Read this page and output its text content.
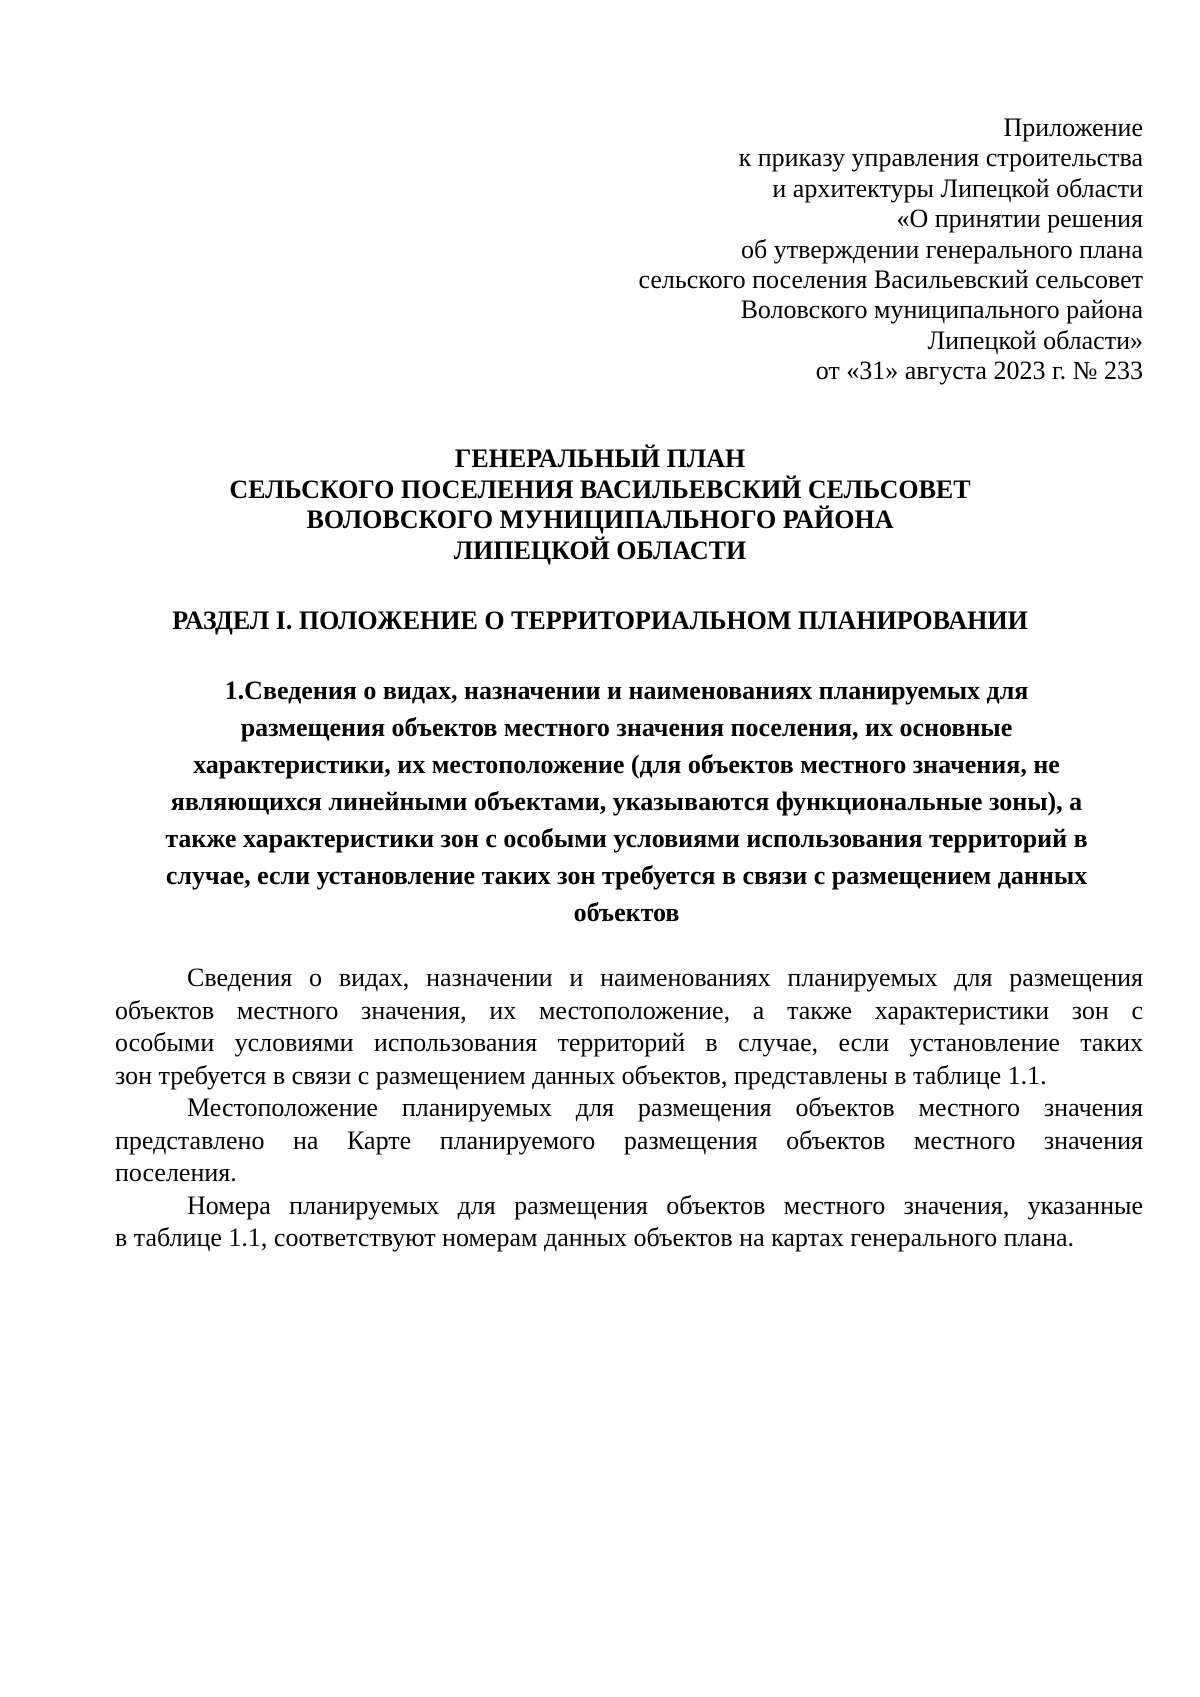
Приложение
к приказу управления строительства
и архитектуры Липецкой области
«О принятии решения
об утверждении генерального плана
сельского поселения Васильевский сельсовет
Воловского муниципального района
Липецкой области»
от «31» августа 2023 г. № 233
ГЕНЕРАЛЬНЫЙ ПЛАН
СЕЛЬСКОГО ПОСЕЛЕНИЯ ВАСИЛЬЕВСКИЙ СЕЛЬСОВЕТ
ВОЛОВСКОГО МУНИЦИПАЛЬНОГО РАЙОНА
ЛИПЕЦКОЙ ОБЛАСТИ
РАЗДЕЛ I. ПОЛОЖЕНИЕ О ТЕРРИТОРИАЛЬНОМ ПЛАНИРОВАНИИ
1.Сведения о видах, назначении и наименованиях планируемых для
размещения объектов местного значения поселения, их основные
характеристики, их местоположение (для объектов местного значения, не
являющихся линейными объектами, указываются функциональные зоны), а
также характеристики зон с особыми условиями использования территорий в
случае, если установление таких зон требуется в связи с размещением данных
объектов
Сведения о видах, назначении и наименованиях планируемых для размещения
объектов местного значения, их местоположение, а также характеристики зон с
особыми условиями использования территорий в случае, если установление таких
зон требуется в связи с размещением данных объектов, представлены в таблице 1.1.
Местоположение планируемых для размещения объектов местного значения
представлено на Карте планируемого размещения объектов местного значения
поселения.
Номера планируемых для размещения объектов местного значения, указанные
в таблице 1.1, соответствуют номерам данных объектов на картах генерального плана.
